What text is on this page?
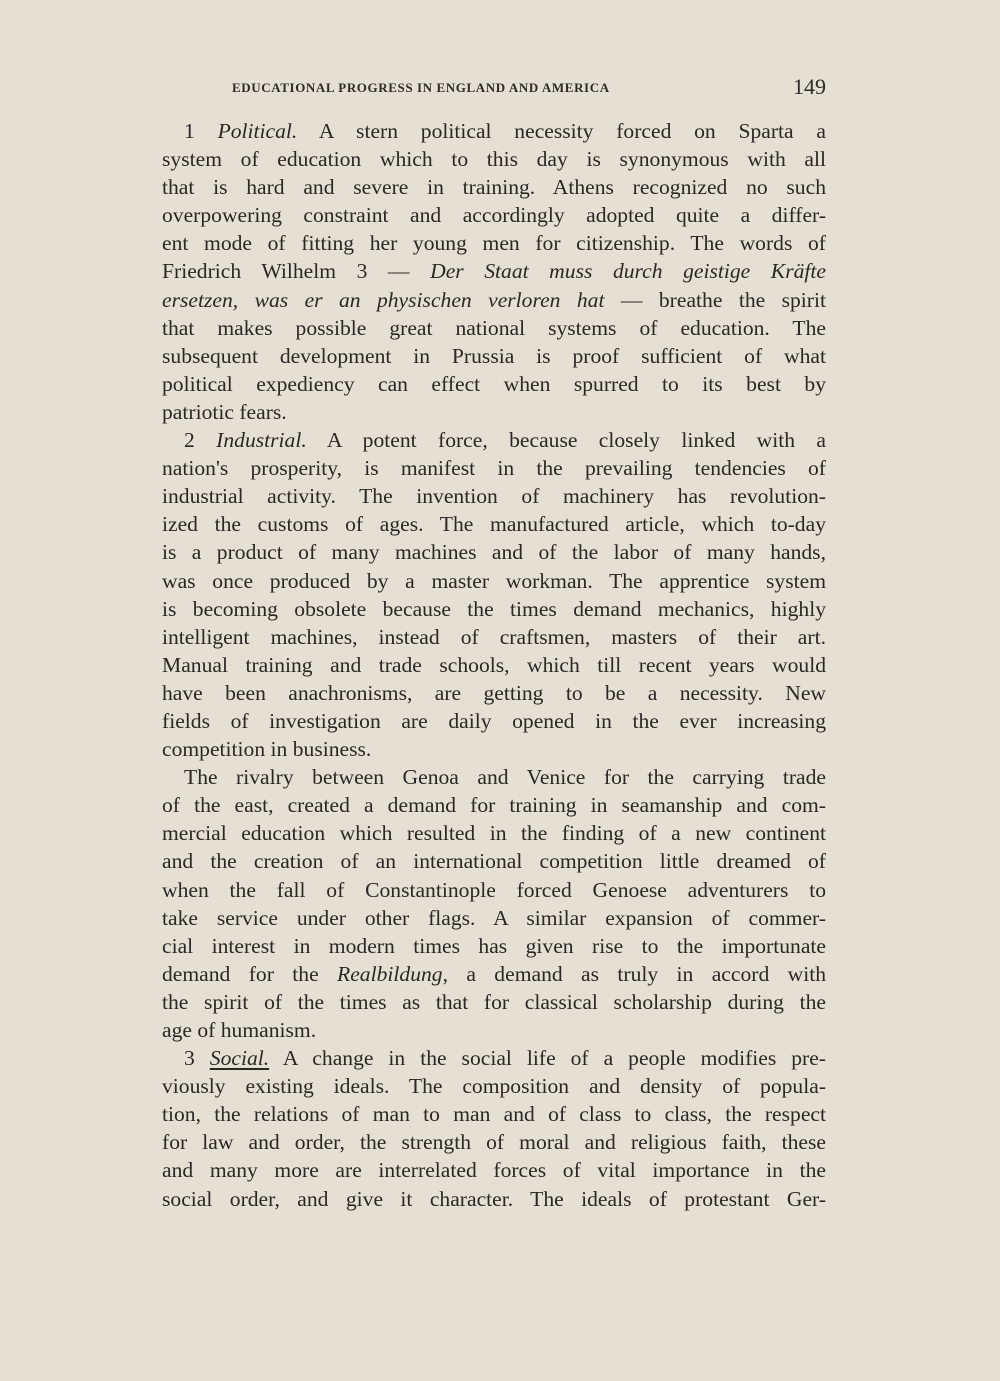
EDUCATIONAL PROGRESS IN ENGLAND AND AMERICA	149
1 Political. A stern political necessity forced on Sparta a
system of education which to this day is synonymous with all
that is hard and severe in training. Athens recognized no such
overpowering constraint and accordingly adopted quite a differ-
ent mode of fitting her young men for citizenship. The words of
Friedrich Wilhelm 3 — Der Staat muss durch geistige Kräfte
ersetzen, was er an physischen verloren hat — breathe the spirit
that makes possible great national systems of education. The
subsequent development in Prussia is proof sufficient of what
political expediency can effect when spurred to its best by
patriotic fears.
2 Industrial. A potent force, because closely linked with a
nation's prosperity, is manifest in the prevailing tendencies of
industrial activity. The invention of machinery has revolution-
ized the customs of ages. The manufactured article, which to-day
is a product of many machines and of the labor of many hands,
was once produced by a master workman. The apprentice system
is becoming obsolete because the times demand mechanics, highly
intelligent machines, instead of craftsmen, masters of their art.
Manual training and trade schools, which till recent years would
have been anachronisms, are getting to be a necessity. New
fields of investigation are daily opened in the ever increasing
competition in business.
The rivalry between Genoa and Venice for the carrying trade
of the east, created a demand for training in seamanship and com-
mercial education which resulted in the finding of a new continent
and the creation of an international competition little dreamed of
when the fall of Constantinople forced Genoese adventurers to
take service under other flags. A similar expansion of commer-
cial interest in modern times has given rise to the importunate
demand for the Realbildung, a demand as truly in accord with
the spirit of the times as that for classical scholarship during the
age of humanism.
3 Social. A change in the social life of a people modifies pre-
viously existing ideals. The composition and density of popula-
tion, the relations of man to man and of class to class, the respect
for law and order, the strength of moral and religious faith, these
and many more are interrelated forces of vital importance in the
social order, and give it character. The ideals of protestant Ger-
